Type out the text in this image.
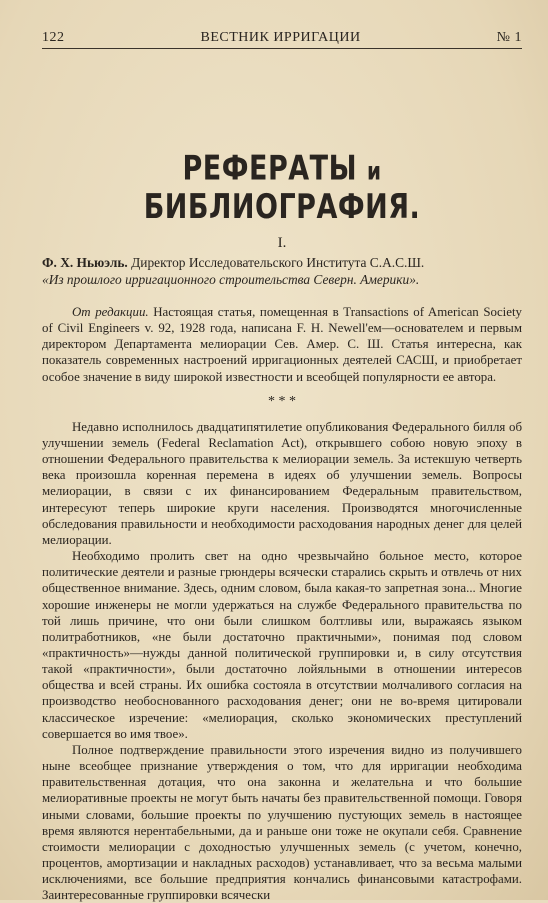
122	ВЕСТНИК ИРРИГАЦИИ	№ 1
РЕФЕРАТЫ и БИБЛИОГРАФИЯ.
I.
Ф. Х. Ньюэль. Директор Исследовательского Института С.А.С.Ш.
«Из прошлого ирригационного строительства Северн. Америки».

От редакции. Настоящая статья, помещенная в Transactions of American Society of Civil Engineers v. 92, 1928 года, написана F. H. Newell'ем—основателем и первым директором Департамента мелиорации Сев. Амер. С. Ш. Статья интересна, как показатель современных настроений ирригационных деятелей САСШ, и приобретает особое значение в виду широкой известности и всеобщей популярности ее автора.

* * *

Недавно исполнилось двадцатипятилетие опубликования Федерального билля об улучшении земель (Federal Reclamation Act), открывшего собою новую эпоху в отношении Федерального правительства к мелиорации земель. За истекшую четверть века произошла коренная перемена в идеях об улучшении земель. Вопросы мелиорации, в связи с их финансированием Федеральным правительством, интересуют теперь широкие круги населения. Производятся многочисленные обследования правильности и необходимости расходования народных денег для целей мелиорации.

Необходимо пролить свет на одно чрезвычайно больное место, которое политические деятели и разные грюндеры всячески старались скрыть и отвлечь от них общественное внимание. Здесь, одним словом, была какая-то запретная зона... Многие хорошие инженеры не могли удержаться на службе Федерального правительства по той лишь причине, что они были слишком болтливы или, выражаясь языком политработников, «не были достаточно практичными», понимая под словом «практичность»—нужды данной политической группировки и, в силу отсутствия такой «практичности», были достаточно лойяльными в отношении интересов общества и всей страны. Их ошибка состояла в отсутствии молчаливого согласия на производство необоснованного расходования денег; они не во-время цитировали классическое изречение: «мелиорация, сколько экономических преступлений совершается во имя твое».

Полное подтверждение правильности этого изречения видно из получившего ныне всеобщее признание утверждения о том, что для ирригации необходима правительственная дотация, что она законна и желательна и что большие мелиоративные проекты не могут быть начаты без правительственной помощи. Говоря иными словами, большие проекты по улучшению пустующих земель в настоящее время являются нерентабельными, да и раньше они тоже не окупали себя. Сравнение стоимости мелиорации с доходностью улучшенных земель (с учетом, конечно, процентов, амортизации и накладных расходов) устанавливает, что за весьма малыми исключениями, все большие предприятия кончались финансовыми катастрофами. Заинтересованные группировки всячески
